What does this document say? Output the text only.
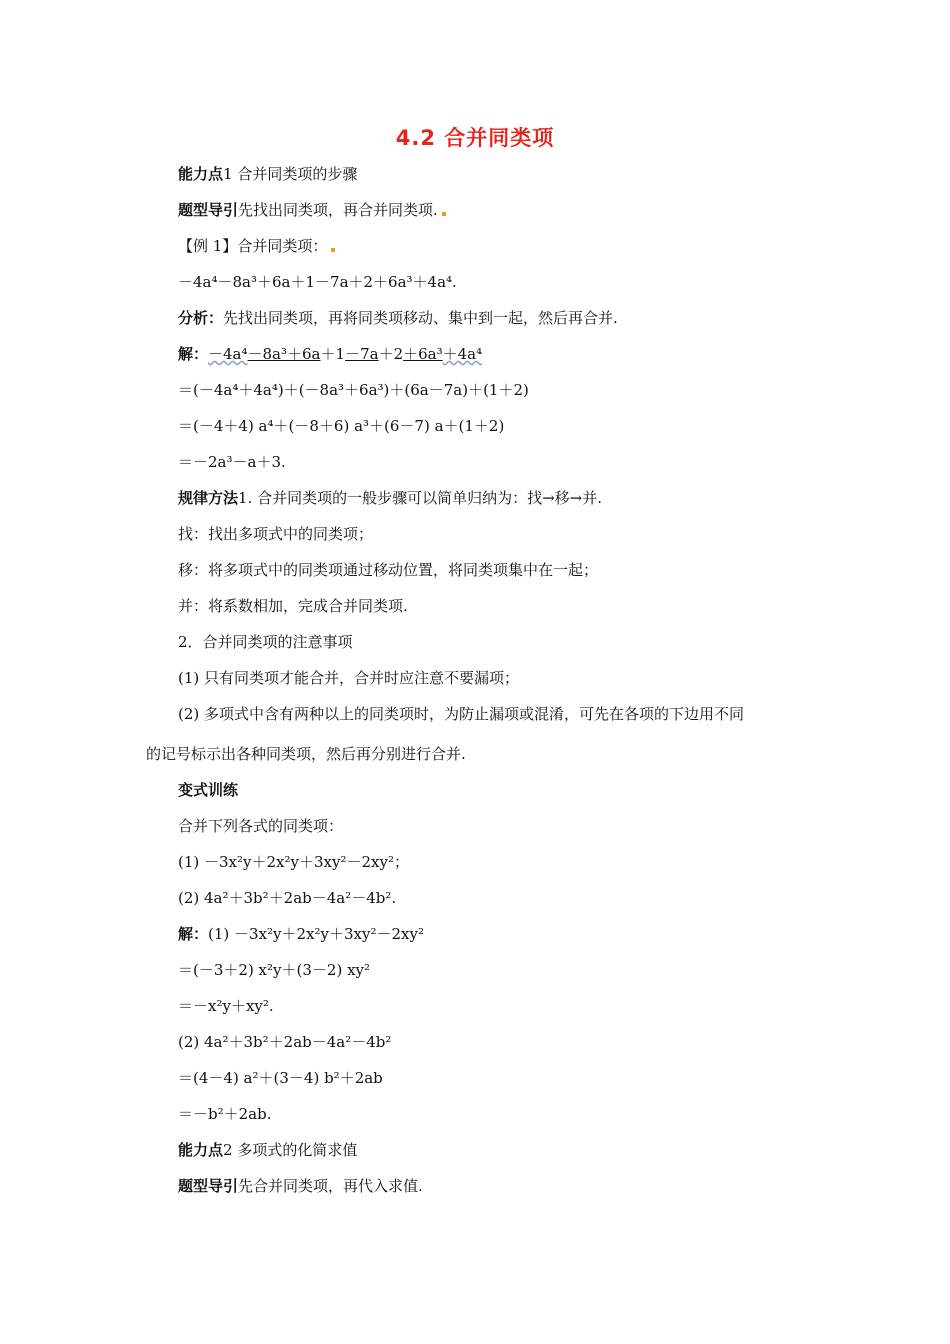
4.2 合并同类项
能力点1 合并同类项的步骤
题型导引先找出同类项，再合并同类项.
【例 1】合并同类项：
－4a⁴－8a³＋6a＋1－7a＋2＋6a³＋4a⁴.
分析：先找出同类项，再将同类项移动、集中到一起，然后再合并.
解：－4a⁴－8a³＋6a＋1－7a＋2＋6a³＋4a⁴
＝(－4a⁴＋4a⁴)＋(－8a³＋6a³)＋(6a－7a)＋(1＋2)
＝(－4＋4) a⁴＋(－8＋6) a³＋(6－7) a＋(1＋2)
＝－2a³－a＋3.
规律方法1. 合并同类项的一般步骤可以简单归纳为：找→移→并.
找：找出多项式中的同类项；
移：将多项式中的同类项通过移动位置，将同类项集中在一起；
并：将系数相加，完成合并同类项.
2．合并同类项的注意事项
(1) 只有同类项才能合并，合并时应注意不要漏项；
(2) 多项式中含有两种以上的同类项时，为防止漏项或混淆，可先在各项的下边用不同
的记号标示出各种同类项，然后再分别进行合并.
变式训练
合并下列各式的同类项：
(1) －3x²y＋2x²y＋3xy²－2xy²；
(2) 4a²＋3b²＋2ab－4a²－4b².
解：(1) －3x²y＋2x²y＋3xy²－2xy²
＝(－3＋2) x²y＋(3－2) xy²
＝－x²y＋xy².
(2) 4a²＋3b²＋2ab－4a²－4b²
＝(4－4) a²＋(3－4) b²＋2ab
＝－b²＋2ab.
能力点2 多项式的化简求值
题型导引先合并同类项，再代入求值.
